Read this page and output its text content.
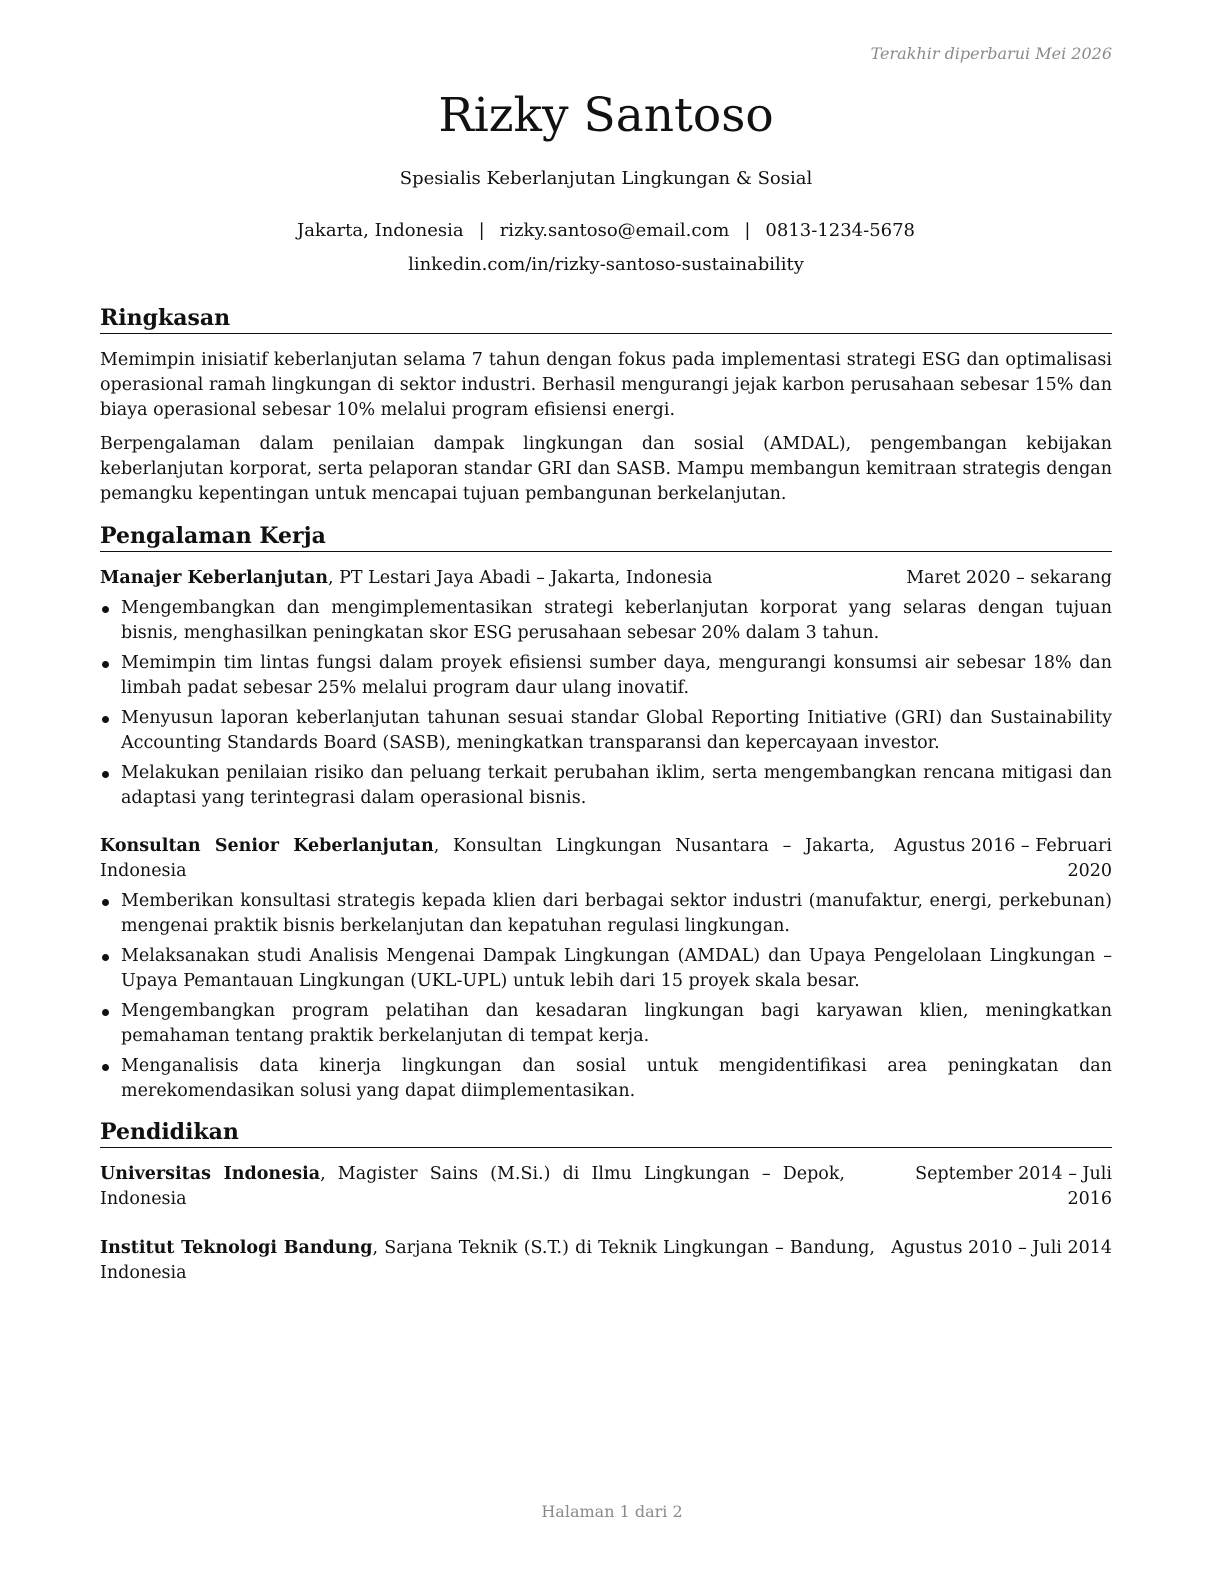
Terakhir diperbarui Mei 2026
Rizky Santoso
Spesialis Keberlanjutan Lingkungan & Sosial
Jakarta, Indonesia | rizky.santoso@email.com | 0813-1234-5678
linkedin.com/in/rizky-santoso-sustainability
Ringkasan
Memimpin inisiatif keberlanjutan selama 7 tahun dengan fokus pada implementasi strategi ESG dan optimalisasi operasional ramah lingkungan di sektor industri. Berhasil mengurangi jejak karbon perusahaan sebesar 15% dan biaya operasional sebesar 10% melalui program efisiensi energi.
Berpengalaman dalam penilaian dampak lingkungan dan sosial (AMDAL), pengembangan kebijakan keberlanjutan korporat, serta pelaporan standar GRI dan SASB. Mampu membangun kemitraan strategis dengan pemangku kepentingan untuk mencapai tujuan pembangunan berkelanjutan.
Pengalaman Kerja
Manajer Keberlanjutan, PT Lestari Jaya Abadi – Jakarta, Indonesia	Maret 2020 – sekarang
Mengembangkan dan mengimplementasikan strategi keberlanjutan korporat yang selaras dengan tujuan bisnis, menghasilkan peningkatan skor ESG perusahaan sebesar 20% dalam 3 tahun.
Memimpin tim lintas fungsi dalam proyek efisiensi sumber daya, mengurangi konsumsi air sebesar 18% dan limbah padat sebesar 25% melalui program daur ulang inovatif.
Menyusun laporan keberlanjutan tahunan sesuai standar Global Reporting Initiative (GRI) dan Sustainability Accounting Standards Board (SASB), meningkatkan transparansi dan kepercayaan investor.
Melakukan penilaian risiko dan peluang terkait perubahan iklim, serta mengembangkan rencana mitigasi dan adaptasi yang terintegrasi dalam operasional bisnis.
Konsultan Senior Keberlanjutan, Konsultan Lingkungan Nusantara – Jakarta, Indonesia
Agustus 2016 – Februari 2020
Memberikan konsultasi strategis kepada klien dari berbagai sektor industri (manufaktur, energi, perkebunan) mengenai praktik bisnis berkelanjutan dan kepatuhan regulasi lingkungan.
Melaksanakan studi Analisis Mengenai Dampak Lingkungan (AMDAL) dan Upaya Pengelolaan Lingkungan – Upaya Pemantauan Lingkungan (UKL-UPL) untuk lebih dari 15 proyek skala besar.
Mengembangkan program pelatihan dan kesadaran lingkungan bagi karyawan klien, meningkatkan pemahaman tentang praktik berkelanjutan di tempat kerja.
Menganalisis data kinerja lingkungan dan sosial untuk mengidentifikasi area peningkatan dan merekomendasikan solusi yang dapat diimplementasikan.
Pendidikan
Universitas Indonesia, Magister Sains (M.Si.) di Ilmu Lingkungan – Depok, Indonesia
September 2014 – Juli 2016
Institut Teknologi Bandung, Sarjana Teknik (S.T.) di Teknik Lingkungan – Bandung, Indonesia
Agustus 2010 – Juli 2014
Halaman 1 dari 2
